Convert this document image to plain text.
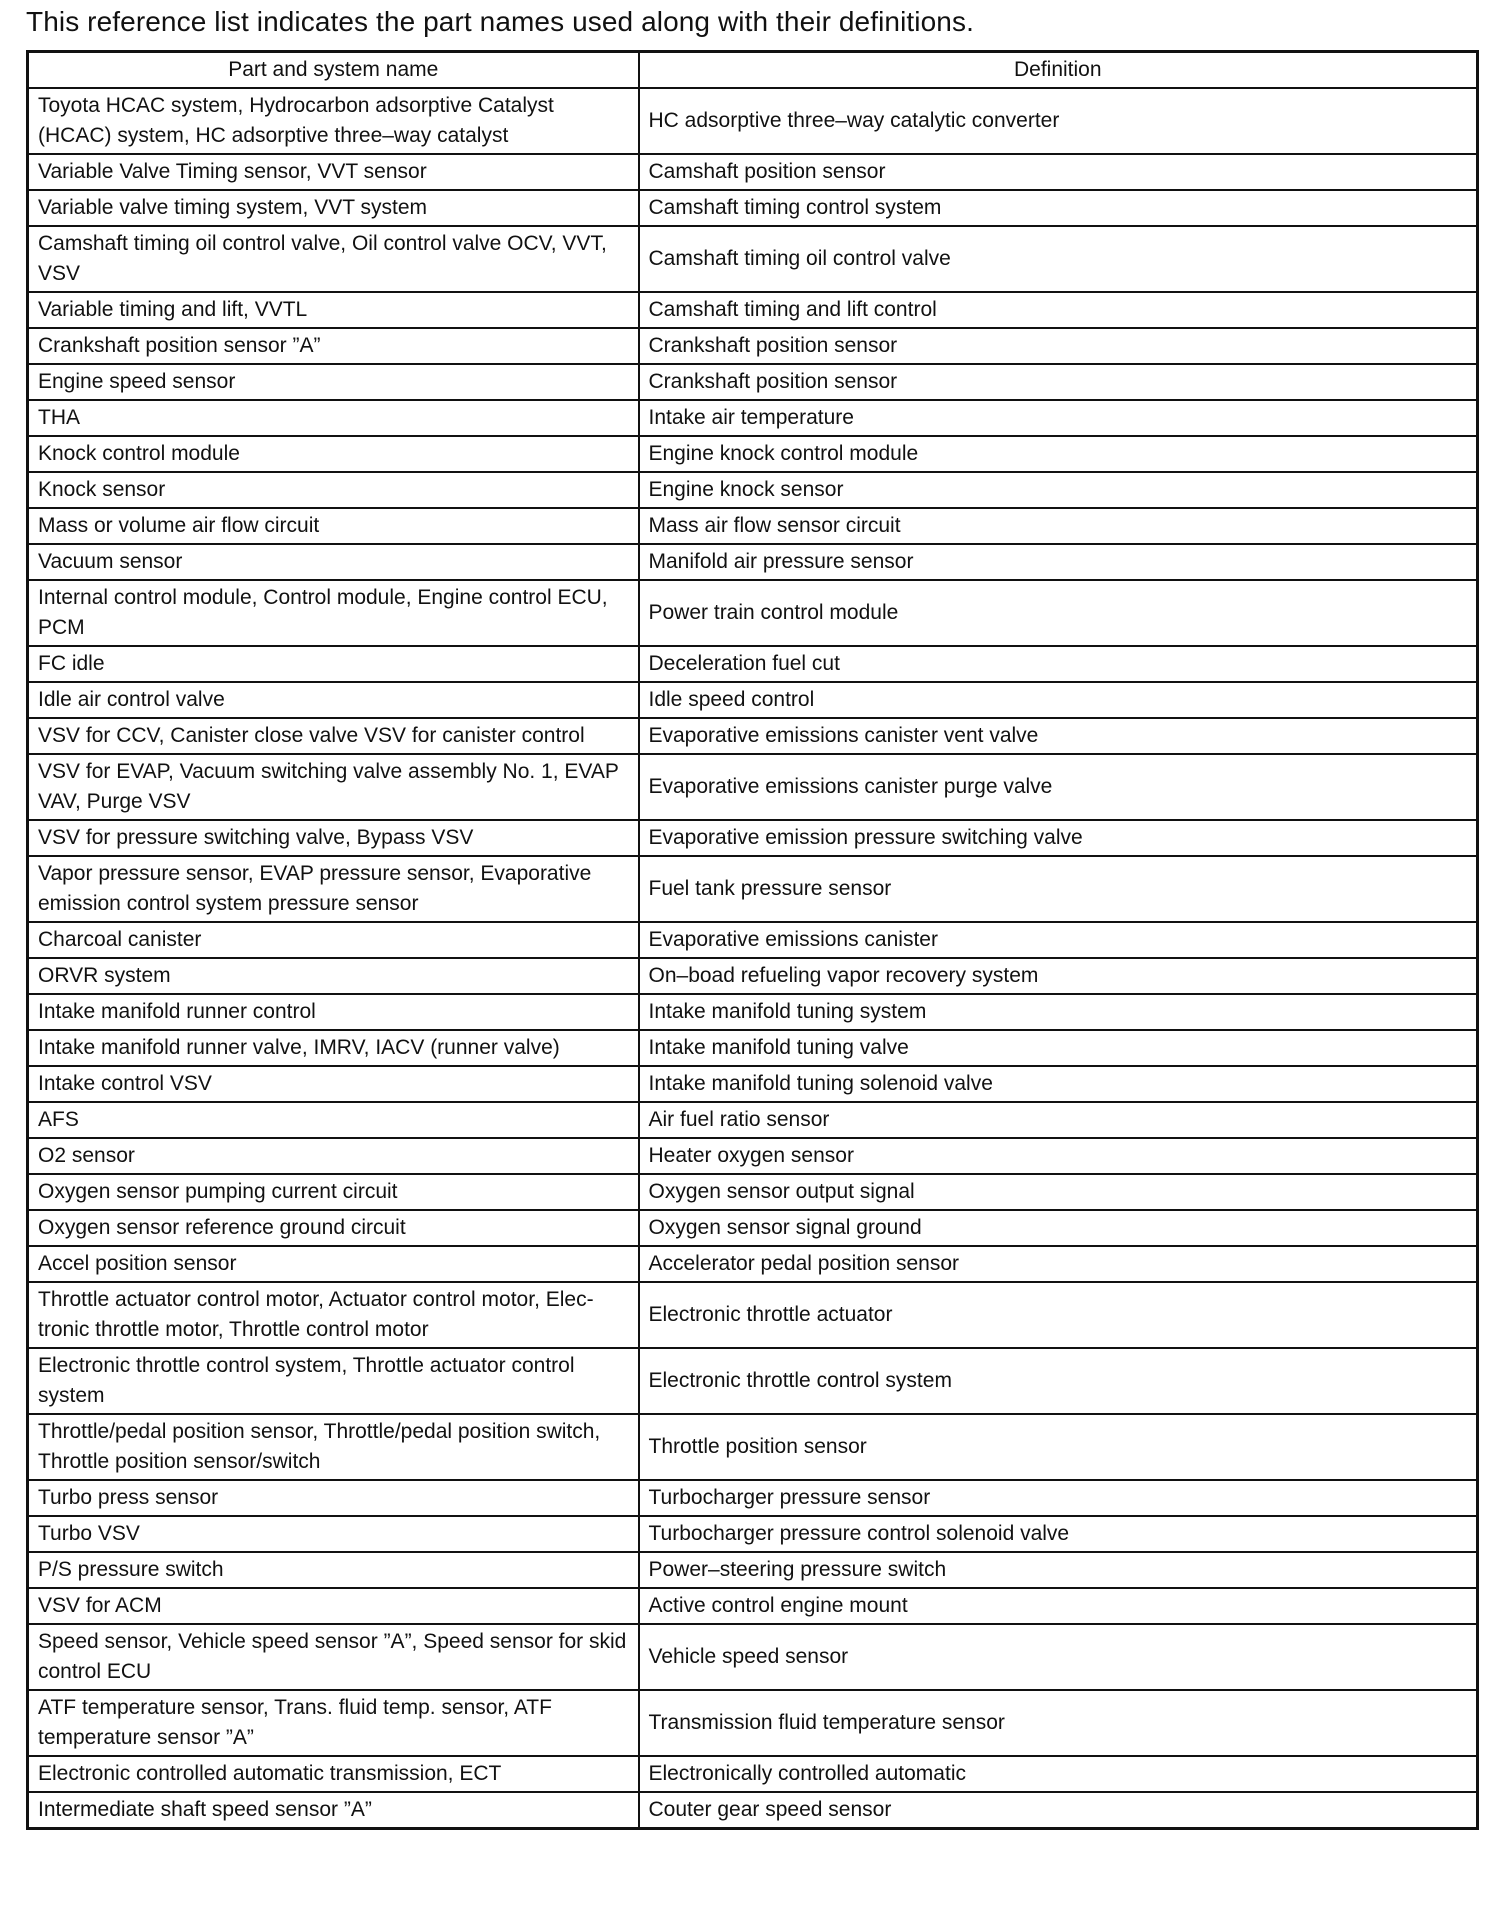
This reference list indicates the part names used along with their definitions.

Part and system name	Definition
Toyota HCAC system, Hydrocarbon adsorptive Catalyst (HCAC) system, HC adsorptive three–way catalyst	HC adsorptive three–way catalytic converter
Variable Valve Timing sensor, VVT sensor	Camshaft position sensor
Variable valve timing system, VVT system	Camshaft timing control system
Camshaft timing oil control valve, Oil control valve OCV, VVT, VSV	Camshaft timing oil control valve
Variable timing and lift, VVTL	Camshaft timing and lift control
Crankshaft position sensor ”A”	Crankshaft position sensor
Engine speed sensor	Crankshaft position sensor
THA	Intake air temperature
Knock control module	Engine knock control module
Knock sensor	Engine knock sensor
Mass or volume air flow circuit	Mass air flow sensor circuit
Vacuum sensor	Manifold air pressure sensor
Internal control module, Control module, Engine control ECU, PCM	Power train control module
FC idle	Deceleration fuel cut
Idle air control valve	Idle speed control
VSV for CCV, Canister close valve VSV for canister control	Evaporative emissions canister vent valve
VSV for EVAP, Vacuum switching valve assembly No. 1, EVAP VAV, Purge VSV	Evaporative emissions canister purge valve
VSV for pressure switching valve, Bypass VSV	Evaporative emission pressure switching valve
Vapor pressure sensor, EVAP pressure sensor, Evaporative emission control system pressure sensor	Fuel tank pressure sensor
Charcoal canister	Evaporative emissions canister
ORVR system	On–boad refueling vapor recovery system
Intake manifold runner control	Intake manifold tuning system
Intake manifold runner valve, IMRV, IACV (runner valve)	Intake manifold tuning valve
Intake control VSV	Intake manifold tuning solenoid valve
AFS	Air fuel ratio sensor
O2 sensor	Heater oxygen sensor
Oxygen sensor pumping current circuit	Oxygen sensor output signal
Oxygen sensor reference ground circuit	Oxygen sensor signal ground
Accel position sensor	Accelerator pedal position sensor
Throttle actuator control motor, Actuator control motor, Elec- tronic throttle motor, Throttle control motor	Electronic throttle actuator
Electronic throttle control system, Throttle actuator control system	Electronic throttle control system
Throttle/pedal position sensor, Throttle/pedal position switch, Throttle position sensor/switch	Throttle position sensor
Turbo press sensor	Turbocharger pressure sensor
Turbo VSV	Turbocharger pressure control solenoid valve
P/S pressure switch	Power–steering pressure switch
VSV for ACM	Active control engine mount
Speed sensor, Vehicle speed sensor ”A”, Speed sensor for skid control ECU	Vehicle speed sensor
ATF temperature sensor, Trans. fluid temp. sensor, ATF temperature sensor ”A”	Transmission fluid temperature sensor
Electronic controlled automatic transmission, ECT	Electronically controlled automatic
Intermediate shaft speed sensor ”A”	Couter gear speed sensor
